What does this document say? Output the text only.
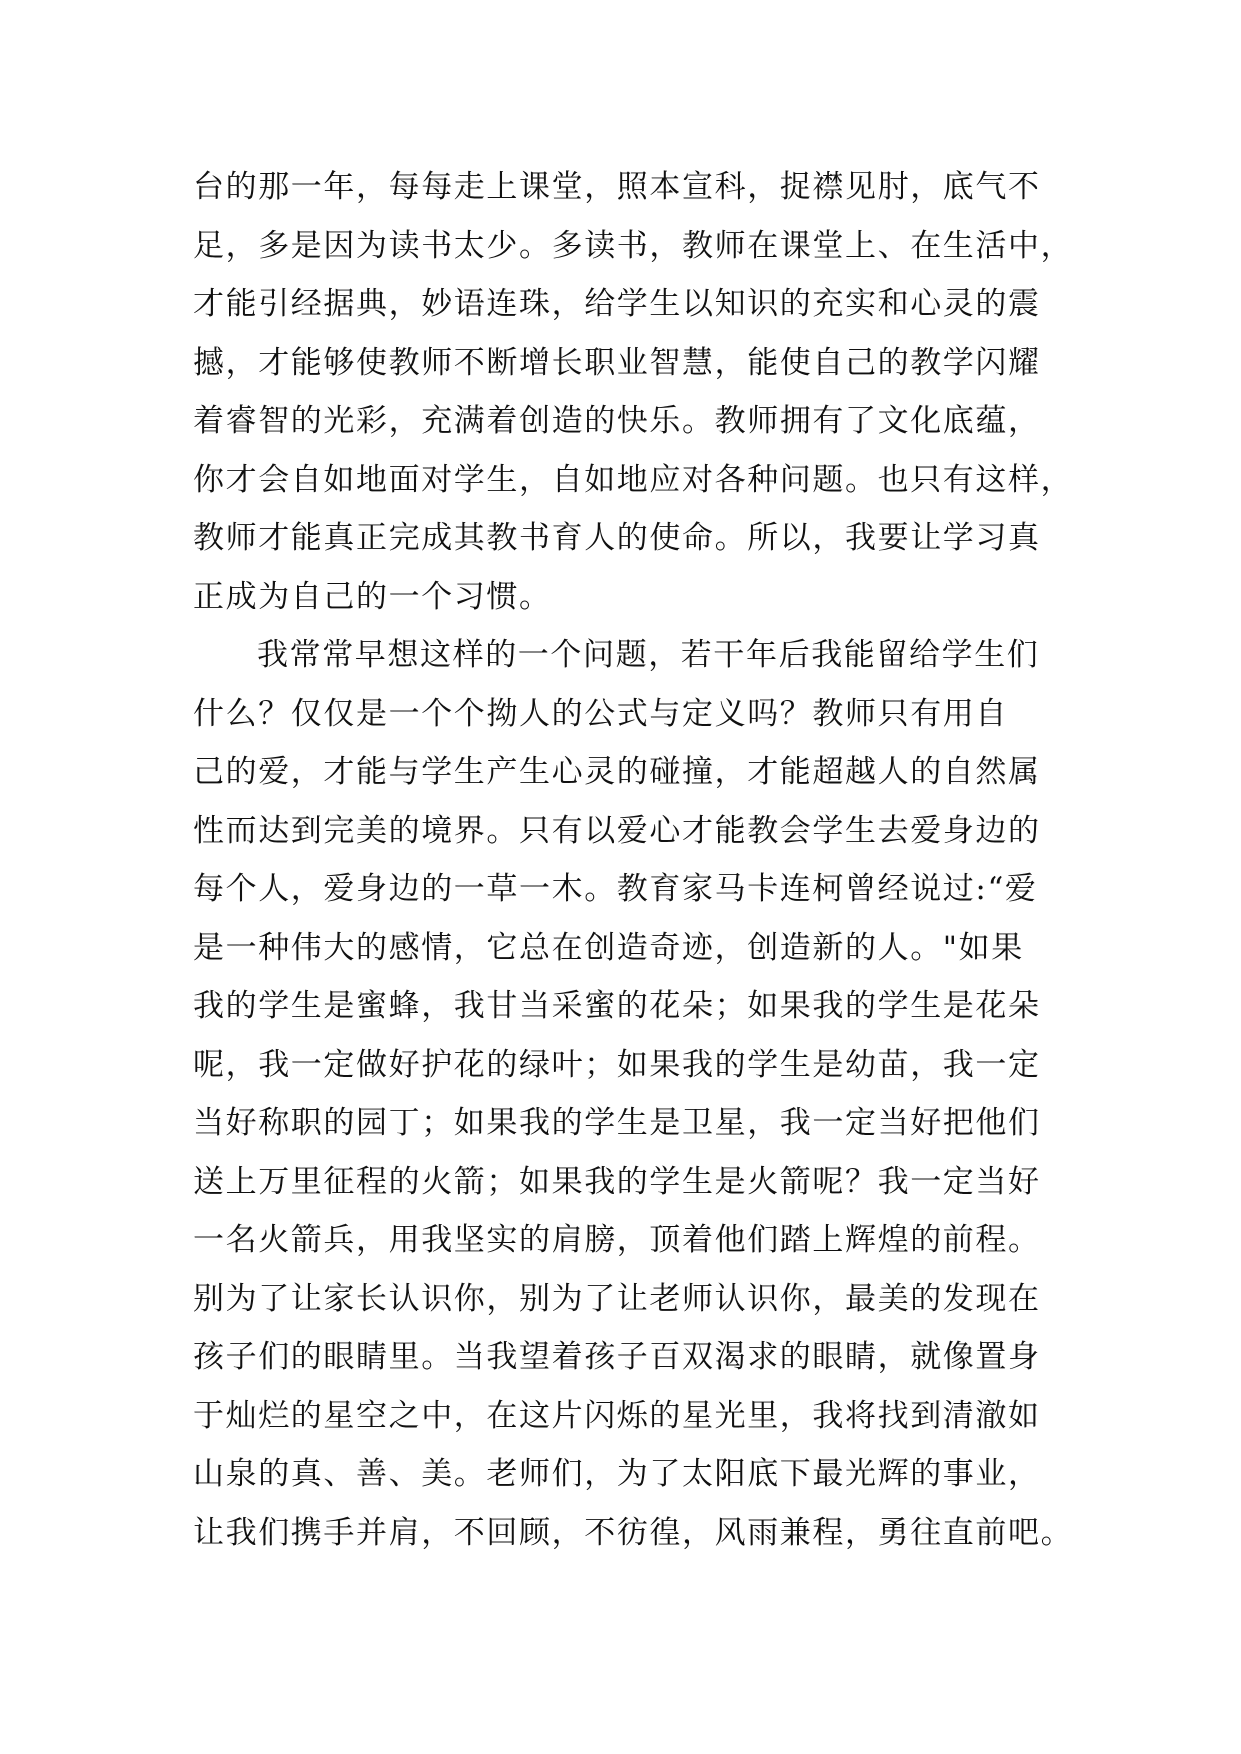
台的那一年，每每走上课堂，照本宣科，捉襟见肘，底气不
足，多是因为读书太少。多读书，教师在课堂上、在生活中，
才能引经据典，妙语连珠，给学生以知识的充实和心灵的震
撼，才能够使教师不断增长职业智慧，能使自己的教学闪耀
着睿智的光彩，充满着创造的快乐。教师拥有了文化底蕴，
你才会自如地面对学生，自如地应对各种问题。也只有这样，
教师才能真正完成其教书育人的使命。所以，我要让学习真
正成为自己的一个习惯。
我常常早想这样的一个问题，若干年后我能留给学生们
什么？仅仅是一个个拗人的公式与定义吗？教师只有用自
己的爱，才能与学生产生心灵的碰撞，才能超越人的自然属
性而达到完美的境界。只有以爱心才能教会学生去爱身边的
每个人，爱身边的一草一木。教育家马卡连柯曾经说过:“爱
是一种伟大的感情，它总在创造奇迹，创造新的人。"如果
我的学生是蜜蜂，我甘当采蜜的花朵；如果我的学生是花朵
呢，我一定做好护花的绿叶；如果我的学生是幼苗，我一定
当好称职的园丁；如果我的学生是卫星，我一定当好把他们
送上万里征程的火箭；如果我的学生是火箭呢？我一定当好
一名火箭兵，用我坚实的肩膀，顶着他们踏上辉煌的前程。
别为了让家长认识你，别为了让老师认识你，最美的发现在
孩子们的眼睛里。当我望着孩子百双渴求的眼睛，就像置身
于灿烂的星空之中，在这片闪烁的星光里，我将找到清澈如
山泉的真、善、美。老师们，为了太阳底下最光辉的事业，
让我们携手并肩，不回顾，不彷徨，风雨兼程，勇往直前吧。
